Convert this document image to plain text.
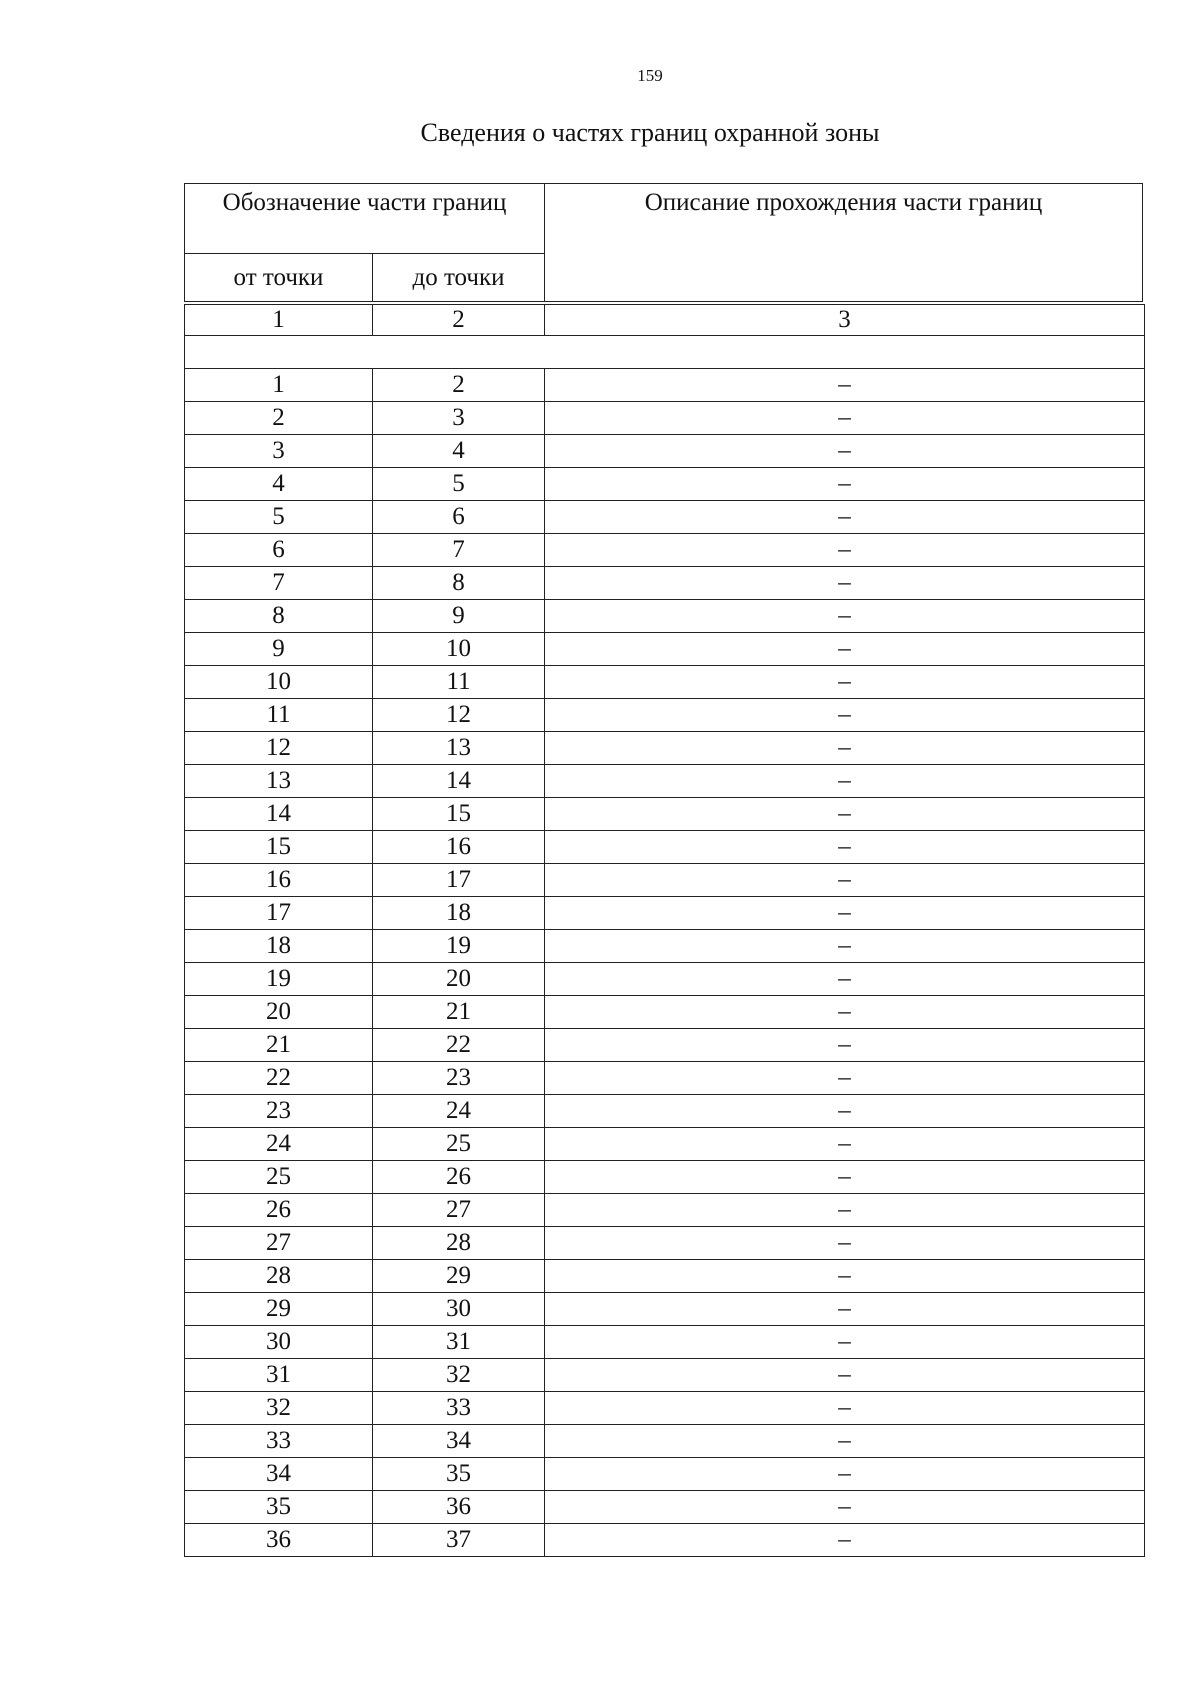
159
Сведения о частях границ охранной зоны
Обозначение части границ		Описание прохождения части границ
от точки	до точки	
1	2	3

1	2	–
2	3	–
3	4	–
4	5	–
5	6	–
6	7	–
7	8	–
8	9	–
9	10	–
10	11	–
11	12	–
12	13	–
13	14	–
14	15	–
15	16	–
16	17	–
17	18	–
18	19	–
19	20	–
20	21	–
21	22	–
22	23	–
23	24	–
24	25	–
25	26	–
26	27	–
27	28	–
28	29	–
29	30	–
30	31	–
31	32	–
32	33	–
33	34	–
34	35	–
35	36	–
36	37	–
